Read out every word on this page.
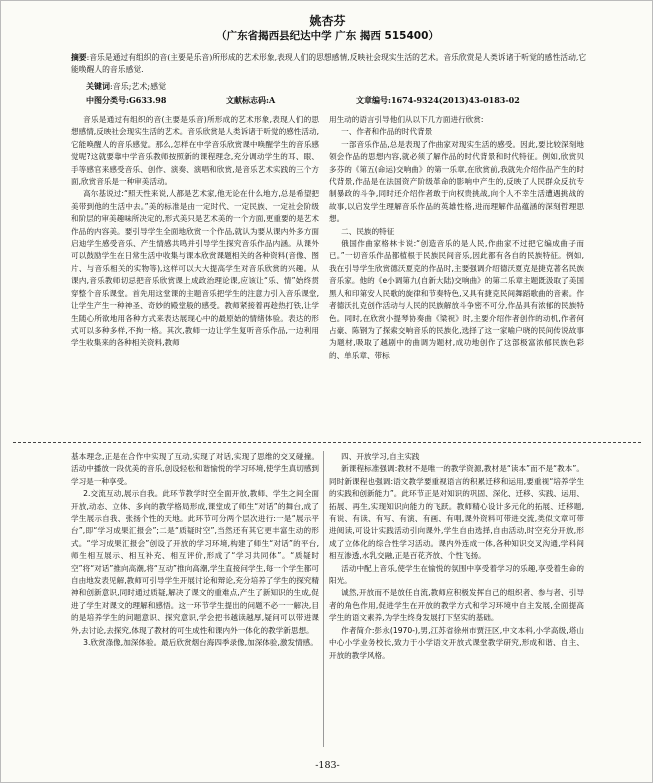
姚杏芬
（广东省揭西县纪达中学 广东 揭西 515400）
摘要:音乐是通过有组织的音(主要是乐音)所形成的艺术形象,表现人们的思想感情,反映社会现实生活的艺术。音乐欣赏是人类诉诸于听觉的感性活动,它能唤醒人的音乐感觉.
关键词:音乐;艺术;感觉
中图分类号:G633.98	文献标志码:A	文章编号:1674-9324(2013)43-0183-02

音乐是通过有组织的音(主要是乐音)所形成的艺术形象,表现人们的思想感情,反映社会现实生活的艺术。音乐欣赏是人类诉诸于听觉的感性活动,它能唤醒人的音乐感觉。那么,怎样在中学音乐欣赏课中唤醒学生的音乐感觉呢?这就要靠中学音乐教师按照新的课程理念,充分调动学生的耳、眼、手等感官来感受音乐、创作、演奏、演唱和欣赏,是音乐艺术实践的三个方面,欣赏音乐是一种审美活动。

高尔基说过:“照天性来说,人都是艺术家,他无论在什么地方,总是希望把美带到他的生活中去。”美的标准是由一定时代、一定民族、一定社会阶级和阶层的审美趣味所决定的,形式美只是艺术美的一个方面,更重要的是艺术作品的内容美。要引导学生全面地欣赏一个作品,就认为要从课内外多方面启迪学生感受音乐、产生情感共鸣并引导学生探究音乐作品内涵。从课外可以鼓励学生在日常生活中收集与课本欣赏课题相关的各种资料(音像、图片、与音乐相关的实物等),这样可以大大提高学生对音乐欣赏的兴趣。从课内,音乐教师切忌把音乐欣赏课上成政治理论课,应该让“乐、情”始终贯穿整个音乐课堂。首先用这堂课的主题音乐把学生的注意力引入音乐课堂,让学生产生一种神圣、奇妙的殿堂般的感受。教师紧接着再趁热打铁,让学生随心所欲地用各种方式来表达展现心中的最原始的情绪体验。表达的形式可以多种多样,不拘一格。其次,教师一边让学生复听音乐作品,一边利用学生收集来的各种相关资料,教师

用生动的语言引导他们从以下几方面进行欣赏:

一、作者和作品的时代背景

一部音乐作品,总是表现了作曲家对现实生活的感受。因此,要比较深刻地领会作品的思想内容,就必须了解作品的时代背景和时代特征。例如,欣赏贝多芬的《第五(命运)交响曲》的第一乐章,在欣赏前,我就先介绍作品产生的时代背景,作品是在法国资产阶级革命的影响中产生的,反映了人民群众反抗专制暴政的斗争,同时还介绍作者敢于向权贵挑战,向个人不幸生活遭遇挑战的故事,以启发学生理解音乐作品的英雄性格,进而理解作品蕴涵的深刻哲理思想。

二、民族的特征

俄国作曲家格林卡说:“创造音乐的是人民,作曲家不过把它编成曲子而已。”一切音乐作品都植根于民族民间音乐,因此都有各自的民族特征。例如,我在引导学生欣赏德沃夏克的作品时,主要强调介绍德沃夏克是捷克著名民族音乐家。他的《e小调第九(自新大陆)交响曲》的第二乐章主题既汲取了美国黑人和印第安人民歌的旋律和节奏特色,又具有捷克民间舞蹈歌曲的音素。作者德沃扎克创作活动与人民的民族解放斗争密不可分,作品具有浓郁的民族特色。同时,在欣赏小提琴协奏曲《梁祝》时,主要介绍作者创作的动机,作者何占豪、陈钢为了探索交响音乐的民族化,选择了这一家喻户晓的民间传说故事为题材,吸取了越剧中的曲调为题材,成功地创作了这部极富浓郁民族色彩的、单乐章、带标

基本理念,正是在合作中实现了互动,实现了对话,实现了思维的交叉碰撞。活动中播放一段优美的音乐,创设轻松和谐愉悦的学习环境,使学生真切感到学习是一种享受。

2.交流互动,展示自我。此环节教学时空全面开放,教师、学生之间全面开放,动态、立体、多向的教学格局形成,课堂成了师生“对话”的舞台,成了学生展示自我、张扬个性的天地。此环节可分两个层次进行:一是“展示平台”,即“学习成果汇报会”;二是“质疑时空”,当然还有其它更丰富生动的形式。“学习成果汇报会”创设了开放的学习环境,构建了师生“对话”的平台,师生相互展示、相互补充、相互评价,形成了“学习共同体”。“质疑时空”将“对话”推向高潮,将“互动”推向高潮,学生直接问学生,每一个学生都可自由地发表见解,教师可引导学生开展讨论和辩论,充分培养了学生的探究精神和创新意识,同时通过质疑,解决了课文的重难点,产生了新知识的生成,促进了学生对课文的理解和感悟。这一环节学生提出的问题不必一一解决,目的是培养学生的问题意识、探究意识,学会把书越读越厚,疑问可以带进课外,去讨论,去探究,体现了教材的可生成性和课内外一体化的教学新思想。

3.欣赏涤像,加深体验。最后欣赏烟台海四季录像,加深体验,激发情感。

四、开放学习,自主实践

新课程标准强调:教材不是唯一的教学资源,教材是“读本”而不是“教本”。同时新课程也强调:语文教学要重视语言的积累迁移和运用,要重视“培养学生的实践和创新能力”。此环节正是对知识的巩固、深化、迁移、实践、运用、拓展、再生,实现知识向能力的飞跃。教师精心设计多元化的拓展、迁移题,有说、有读、有写、有演、有画、有唱,课外资料可带进交流,类似文章可带进阅读,可设计实践活动引向课外,学生自由选择,自由活动,时空充分开放,形成了立体化的综合性学习活动。课内外连成一体,各种知识交叉沟通,学科间相互渗透,水乳交融,正是百花齐放、个性飞扬。

活动中配上音乐,使学生在愉悦的氛围中享受着学习的乐趣,享受着生命的阳光。

诚然,开放而不是放任自流,教师应积极发挥自己的组织者、参与者、引导者的角色作用,促进学生在开放的教学方式和学习环境中自主发展,全面提高学生的语文素养,为学生终身发展打下坚实的基础。

作者简介:彭永(1970-),男,江苏省徐州市贾汪区,中文本科,小学高级,塔山中心小学业务校长,致力于小学语文开放式课堂教学研究,形成和谐、自主、开放的教学风格。

-183-
